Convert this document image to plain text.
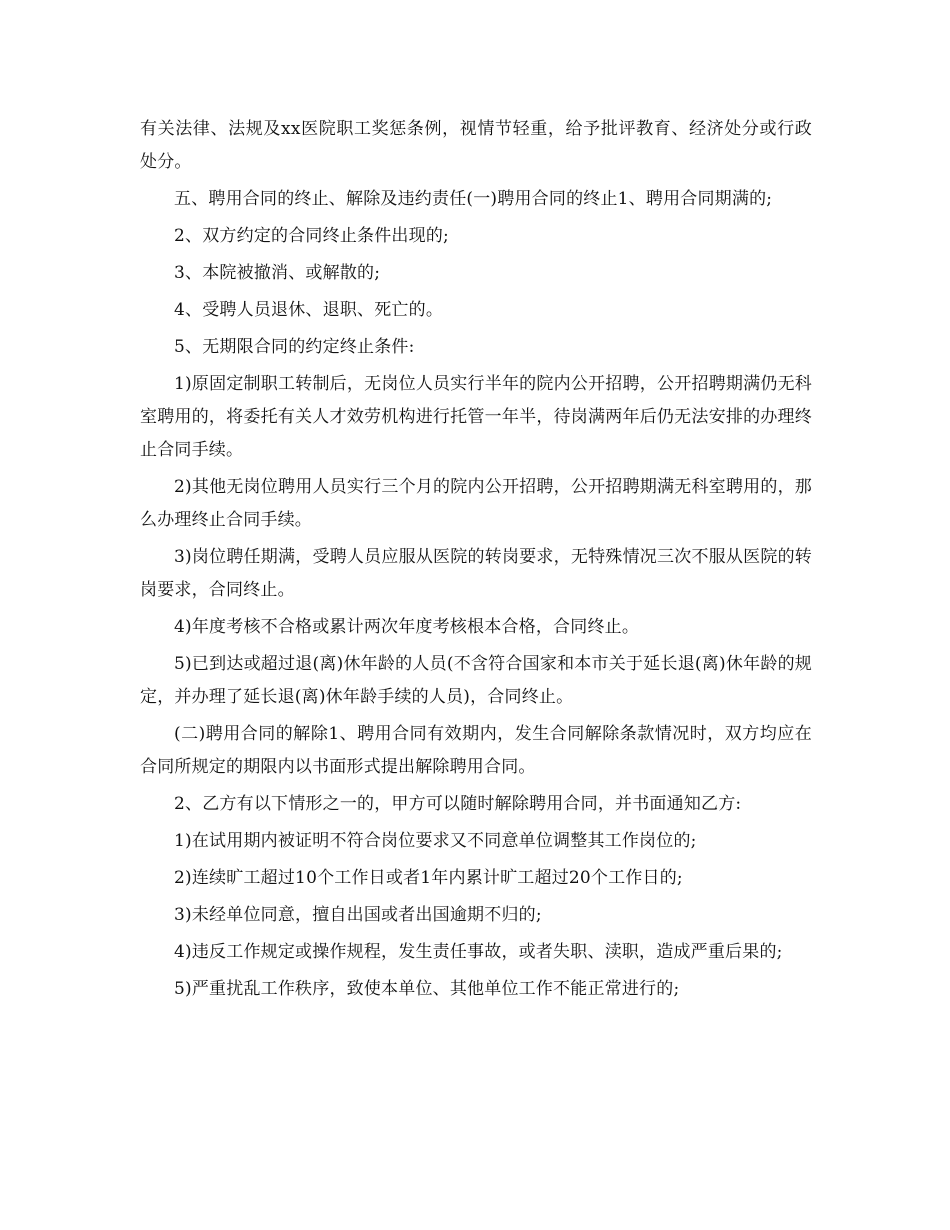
有关法律、法规及xx医院职工奖惩条例，视情节轻重，给予批评教育、经济处分或行政处分。

五、聘用合同的终止、解除及违约责任(一)聘用合同的终止1、聘用合同期满的;

2、双方约定的合同终止条件出现的;

3、本院被撤消、或解散的;

4、受聘人员退休、退职、死亡的。

5、无期限合同的约定终止条件:

1)原固定制职工转制后，无岗位人员实行半年的院内公开招聘，公开招聘期满仍无科室聘用的，将委托有关人才效劳机构进行托管一年半，待岗满两年后仍无法安排的办理终止合同手续。

2)其他无岗位聘用人员实行三个月的院内公开招聘，公开招聘期满无科室聘用的，那么办理终止合同手续。

3)岗位聘任期满，受聘人员应服从医院的转岗要求，无特殊情况三次不服从医院的转岗要求，合同终止。

4)年度考核不合格或累计两次年度考核根本合格，合同终止。

5)已到达或超过退(离)休年龄的人员(不含符合国家和本市关于延长退(离)休年龄的规定，并办理了延长退(离)休年龄手续的人员)，合同终止。

(二)聘用合同的解除1、聘用合同有效期内，发生合同解除条款情况时，双方均应在合同所规定的期限内以书面形式提出解除聘用合同。

2、乙方有以下情形之一的，甲方可以随时解除聘用合同，并书面通知乙方:

1)在试用期内被证明不符合岗位要求又不同意单位调整其工作岗位的;

2)连续旷工超过10个工作日或者1年内累计旷工超过20个工作日的;

3)未经单位同意，擅自出国或者出国逾期不归的;

4)违反工作规定或操作规程，发生责任事故，或者失职、渎职，造成严重后果的;

5)严重扰乱工作秩序，致使本单位、其他单位工作不能正常进行的;
